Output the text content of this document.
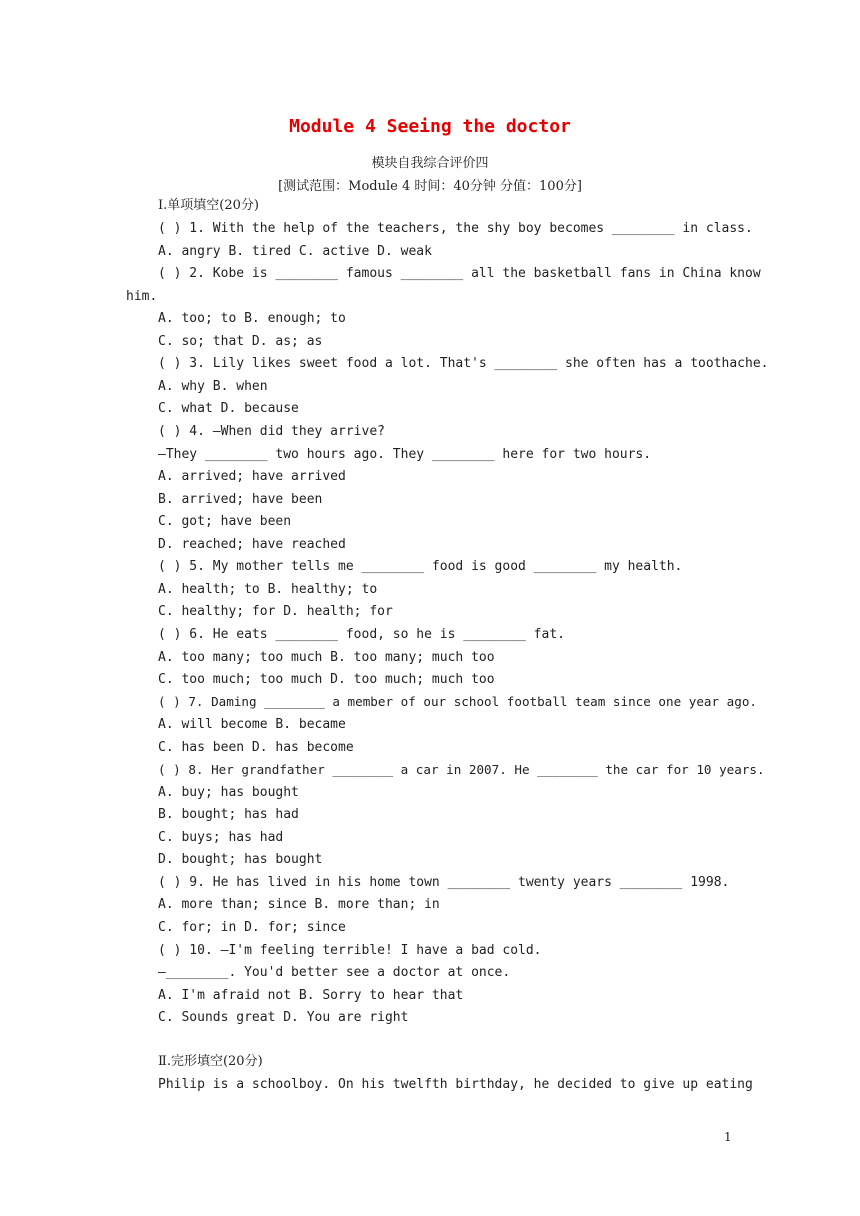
Module 4 Seeing the doctor
模块自我综合评价四
[测试范围：Module 4 时间：40分钟 分值：100分]
Ⅰ.单项填空(20分)
( ) 1. With the help of the teachers, the shy boy becomes ________ in class.
A. angry B. tired C. active D. weak
( ) 2. Kobe is ________ famous ________ all the basketball fans in China know
him.
A. too; to B. enough; to
C. so; that D. as; as
( ) 3. Lily likes sweet food a lot. That's ________ she often has a toothache.
A. why B. when
C. what D. because
( ) 4. —When did they arrive?
—They ________ two hours ago. They ________ here for two hours.
A. arrived; have arrived
B. arrived; have been
C. got; have been
D. reached; have reached
( ) 5. My mother tells me ________ food is good ________ my health.
A. health; to B. healthy; to
C. healthy; for D. health; for
( ) 6. He eats ________ food, so he is ________ fat.
A. too many; too much B. too many; much too
C. too much; too much D. too much; much too
( ) 7. Daming ________ a member of our school football team since one year ago.
A. will become B. became
C. has been D. has become
( ) 8. Her grandfather ________ a car in 2007. He ________ the car for 10 years.
A. buy; has bought
B. bought; has had
C. buys; has had
D. bought; has bought
( ) 9. He has lived in his home town ________ twenty years ________ 1998.
A. more than; since B. more than; in
C. for; in D. for; since
( ) 10. —I'm feeling terrible! I have a bad cold.
—________. You'd better see a doctor at once.
A. I'm afraid not B. Sorry to hear that
C. Sounds great D. You are right
Ⅱ.完形填空(20分)
Philip is a schoolboy. On his twelfth birthday, he decided to give up eating
1
